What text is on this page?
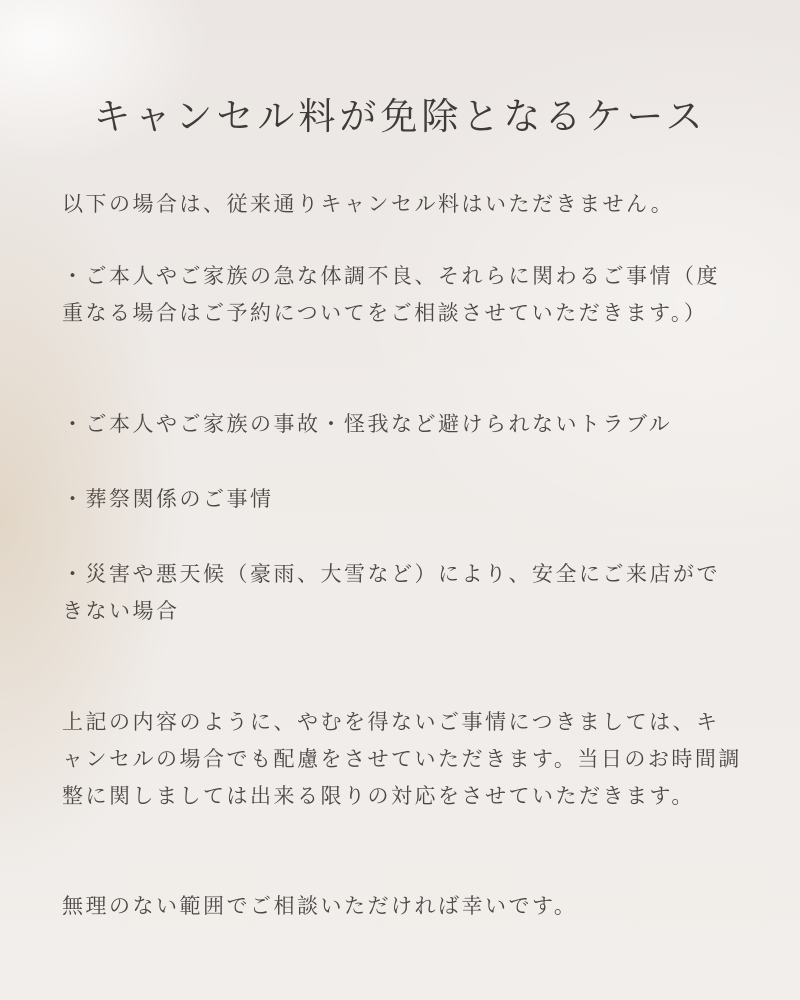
キャンセル料が免除となるケース

以下の場合は、従来通りキャンセル料はいただきません。

・ご本人やご家族の急な体調不良、それらに関わるご事情（度重なる場合はご予約についてをご相談させていただきます。）

・ご本人やご家族の事故・怪我など避けられないトラブル

・葬祭関係のご事情

・災害や悪天候（豪雨、大雪など）により、安全にご来店ができない場合

上記の内容のように、やむを得ないご事情につきましては、キャンセルの場合でも配慮をさせていただきます。当日のお時間調整に関しましては出来る限りの対応をさせていただきます。

無理のない範囲でご相談いただければ幸いです。
